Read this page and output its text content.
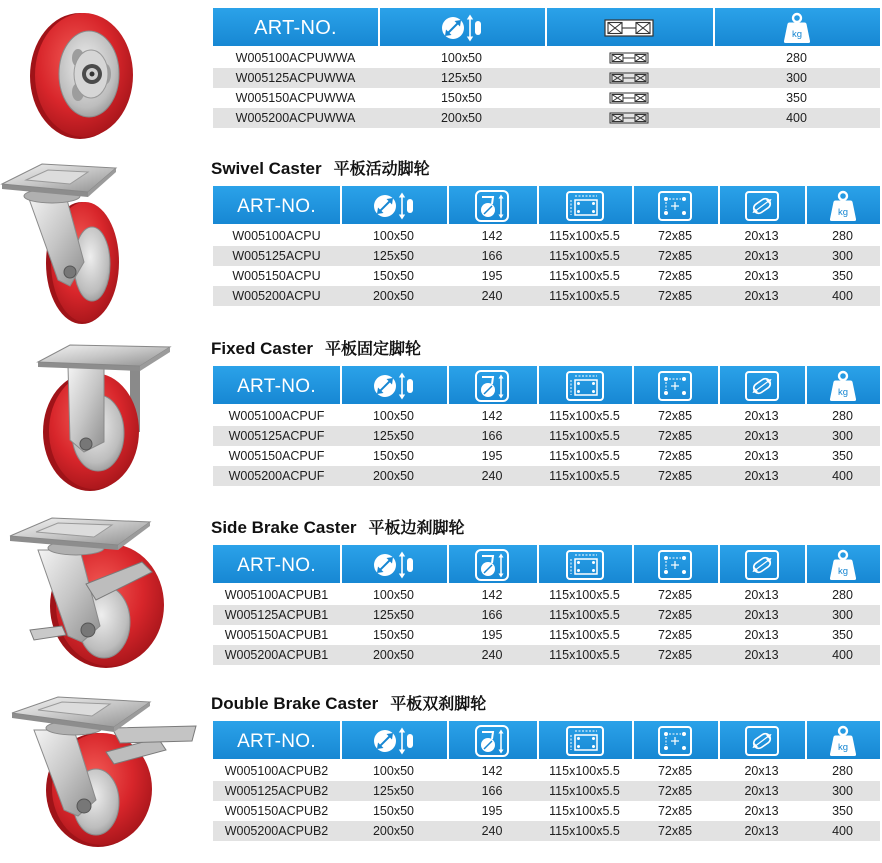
ART-NO.			kg

W005100ACPUWWA	100x50		280
W005125ACPUWWA	125x50		300
W005150ACPUWWA	150x50		350
W005200ACPUWWA	200x50		400
Swivel Caster 平板活动脚轮
ART-NO.						kg

W005100ACPU	100x50	142	115x100x5.5	72x85	20x13	280
W005125ACPU	125x50	166	115x100x5.5	72x85	20x13	300
W005150ACPU	150x50	195	115x100x5.5	72x85	20x13	350
W005200ACPU	200x50	240	115x100x5.5	72x85	20x13	400
Fixed Caster 平板固定脚轮
ART-NO.						kg

W005100ACPUF	100x50	142	115x100x5.5	72x85	20x13	280
W005125ACPUF	125x50	166	115x100x5.5	72x85	20x13	300
W005150ACPUF	150x50	195	115x100x5.5	72x85	20x13	350
W005200ACPUF	200x50	240	115x100x5.5	72x85	20x13	400
Side Brake Caster 平板边刹脚轮
ART-NO.						kg

W005100ACPUB1	100x50	142	115x100x5.5	72x85	20x13	280
W005125ACPUB1	125x50	166	115x100x5.5	72x85	20x13	300
W005150ACPUB1	150x50	195	115x100x5.5	72x85	20x13	350
W005200ACPUB1	200x50	240	115x100x5.5	72x85	20x13	400
Double Brake Caster 平板双刹脚轮
ART-NO.						kg

W005100ACPUB2	100x50	142	115x100x5.5	72x85	20x13	280
W005125ACPUB2	125x50	166	115x100x5.5	72x85	20x13	300
W005150ACPUB2	150x50	195	115x100x5.5	72x85	20x13	350
W005200ACPUB2	200x50	240	115x100x5.5	72x85	20x13	400
